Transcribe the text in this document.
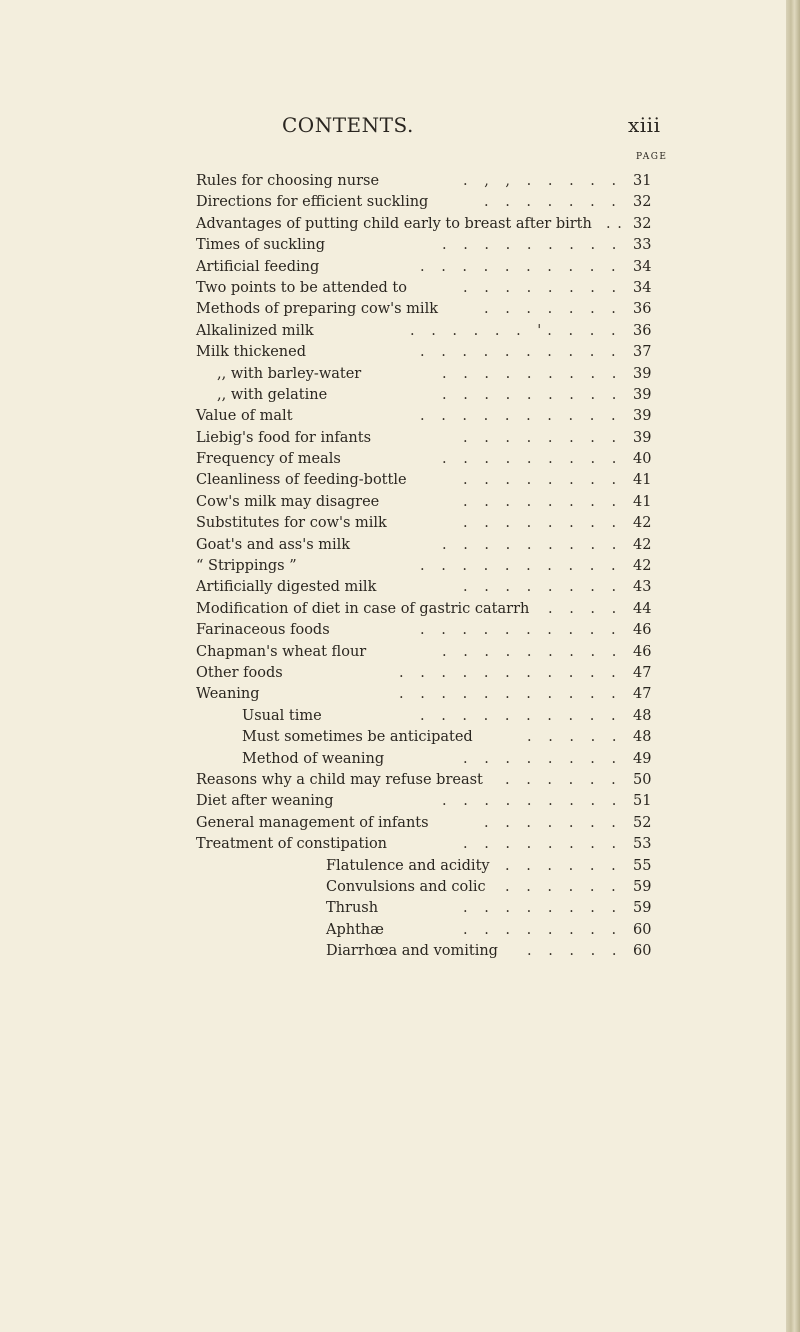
CONTENTS.	xiii
PAGE
Rules for choosing nurse	. , , . . . . . 31
Directions for efficient suckling	. . . . . . . 32
Advantages of putting child early to breast after birth . . 32
Times of suckling	. . . . . . . . . 33
Artificial feeding	. . . . . . . . . . 34
Two points to be attended to	. . . . . . . . 34
Methods of preparing cow's milk	. . . . . . . 36
Alkalinized milk	. . . . . . '. . . . 36
Milk thickened	. . . . . . . . . . 37
,, with barley-water	. . . . . . . . . 39
,, with gelatine	. . . . . . . . . 39
Value of malt	. . . . . . . . . . 39
Liebig's food for infants	. . . . . . . . 39
Frequency of meals	. . . . . . . . . 40
Cleanliness of feeding-bottle	. . . . . . . . 41
Cow's milk may disagree	. . . . . . . . 41
Substitutes for cow's milk	. . . . . . . . 42
Goat's and ass's milk	. . . . . . . . . 42
“ Strippings ”	. . . . . . . . . . 42
Artificially digested milk	. . . . . . . . 43
Modification of diet in case of gastric catarrh . . . . 44
Farinaceous foods	. . . . . . . . . . 46
Chapman's wheat flour	. . . . . . . . . 46
Other foods	. . . . . . . . . . . 47
Weaning	. . . . . . . . . . . 47
Usual time	. . . . . . . . . . 48
Must sometimes be anticipated	. . . . . 48
Method of weaning	. . . . . . . . 49
Reasons why a child may refuse breast . . . . . . 50
Diet after weaning	. . . . . . . . . 51
General management of infants	. . . . . . . 52
Treatment of constipation	. . . . . . . . 53
Flatulence and acidity . . . . . . 55
Convulsions and colic . . . . . . 59
Thrush	. . . . . . . . 59
Aphthæ	. . . . . . . . 60
Diarrhœa and vomiting . . . . . 60
